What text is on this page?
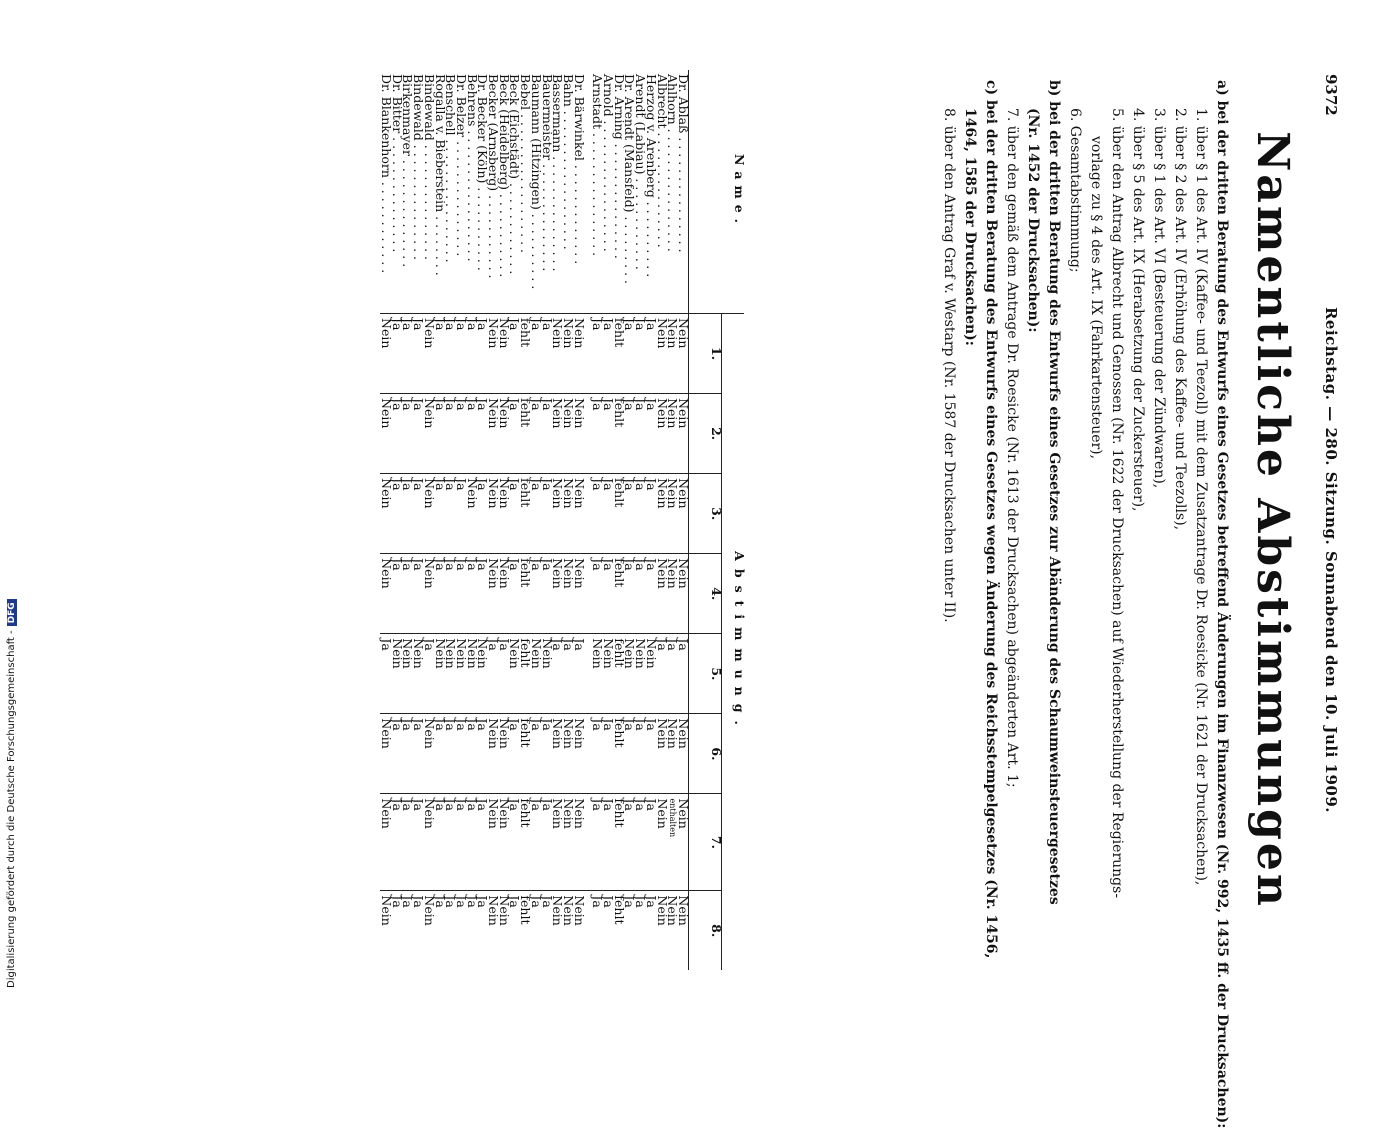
9372
Reichstag. — 280. Sitzung. Sonnabend den 10. Juli 1909.
Namentliche Abstimmungen
a) bei der dritten Beratung des Entwurfs eines Gesetzes betreffend Änderungen im Finanzwesen (Nr. 992, 1435 ff. der Drucksachen):
1. über § 1 des Art. IV (Kaffee- und Teezoll) mit dem Zusatzantrage Dr. Roesicke (Nr. 1621 der Drucksachen),
2. über § 2 des Art. IV (Erhöhung des Kaffee- und Teezolls),
3. über § 1 des Art. VI (Besteuerung der Zündwaren),
4. über § 5 des Art. IX (Herabsetzung der Zuckersteuer),
5. über den Antrag Albrecht und Genossen (Nr. 1622 der Drucksachen) auf Wiederherstellung der Regierungs-
vorlage zu § 4 des Art. IX (Fahrkartensteuer),
6. Gesamtabstimmung;
b) bei der dritten Beratung des Entwurfs eines Gesetzes zur Abänderung des Schaumweinsteuergesetzes
(Nr. 1452 der Drucksachen):
7. über den gemäß dem Antrage Dr. Roesicke (Nr. 1613 der Drucksachen) abgeänderten Art. 1;
c) bei der dritten Beratung des Entwurfs eines Gesetzes wegen Änderung des Reichsstempelgesetzes (Nr. 1456,
1464, 1585 der Drucksachen):
8. über den Antrag Graf v. Westarp (Nr. 1587 der Drucksachen unter II).
Name.	Abstimmung.							
	1.	2.	3.	4.	5.	6.	7.	8.
Dr. Ablaß . . . . . . . . . . . . . . .	Nein	Nein	Nein	Nein	Ja	Nein	Nein	Nein
Ahlhorn . . . . . . . . . . . . . . . .	Nein	Nein	Nein	Nein	Ja	Nein	enthalten	Nein
Albrecht . . . . . . . . . . . . . . .	Nein	Nein	Nein	Nein	Ja	Nein	Nein	Nein
Herzog v. Arenberg . . . . . . . . . .	Ja	Ja	Ja	Ja	Nein	Ja	Ja	Ja
Arendt (Labiau) . . . . . . . . . . . .	Ja	Ja	Ja	Ja	Nein	Ja	Ja	Ja
Dr. Arendt (Mansfeld) . . . . . . . . .	Ja	Ja	Ja	Ja	Nein	Ja	Ja	Ja
Dr. Arning . . . . . . . . . . . . . . .	fehlt	fehlt	fehlt	fehlt	fehlt	fehlt	fehlt	fehlt
Arnold . . . . . . . . . . . . . . . . .	Ja	Ja	Ja	Ja	Nein	Ja	Ja	Ja
Arnstadt . . . . . . . . . . . . . . . .	Ja	Ja	Ja	Ja	Nein	Ja	Ja	Ja

Dr. Bärwinkel . . . . . . . . . . . . .	Nein	Nein	Nein	Nein	Ja	Nein	Nein	Nein
Bahn . . . . . . . . . . . . . . . . . .	Nein	Nein	Nein	Nein	Ja	Nein	Nein	Nein
Bassermann . . . . . . . . . . . . . . .	Nein	Nein	Nein	Nein	Ja	Nein	Nein	Nein
Bauermeister . . . . . . . . . . . . . .	Ja	Ja	Ja	Ja	Nein	Ja	Ja	Ja
Baumann (Hitzingen) . . . . . . . . . .	Ja	Ja	Ja	Ja	Nein	Ja	Ja	Ja
Bebel . . . . . . . . . . . . . . . . . .	fehlt	fehlt	fehlt	fehlt	fehlt	fehlt	fehlt	fehlt
Beck (Eichstädt) . . . . . . . . . . . .	Ja	Ja	Ja	Ja	Nein	Ja	Ja	Ja
Beck (Heidelberg) . . . . . . . . . . .	Nein	Nein	Nein	Nein	Ja	Nein	Nein	Nein
Becker (Arnsberg) . . . . . . . . . . .	Nein	Nein	Nein	Nein	Ja	Nein	Nein	Nein
Dr. Becker (Köln) . . . . . . . . . . .	Ja	Ja	Ja	Ja	Nein	Ja	Ja	Ja
Behrens . . . . . . . . . . . . . . . . .	Ja	Ja	Nein	Ja	Nein	Ja	Ja	Ja
Dr. Belzer . . . . . . . . . . . . . . .	Ja	Ja	Ja	Ja	Nein	Ja	Ja	Ja
Benschell . . . . . . . . . . . . . . . .	Ja	Ja	Ja	Ja	Nein	Ja	Ja	Ja
Rogalla v. Bieberstein . . . . . . . .	Ja	Ja	Ja	Ja	Nein	Ja	Ja	Ja
Bindewald . . . . . . . . . . . . . . .	Nein	Nein	Nein	Nein	Ja	Nein	Nein	Nein
Bindewald . . . . . . . . . . . . . . .	Ja	Ja	Ja	Ja	Nein	Ja	Ja	Ja
Birkenmayer . . . . . . . . . . . . . .	Ja	Ja	Ja	Ja	Nein	Ja	Ja	Ja
Dr. Bitter . . . . . . . . . . . . . . .	Ja	Ja	Ja	Ja	Nein	Ja	Ja	Ja
Dr. Blankenhorn . . . . . . . . . . . .	Nein	Nein	Nein	Nein	Ja	Nein	Nein	Nein
Digitalisierung gefördert durch die Deutsche Forschungsgemeinschaft -DFG
